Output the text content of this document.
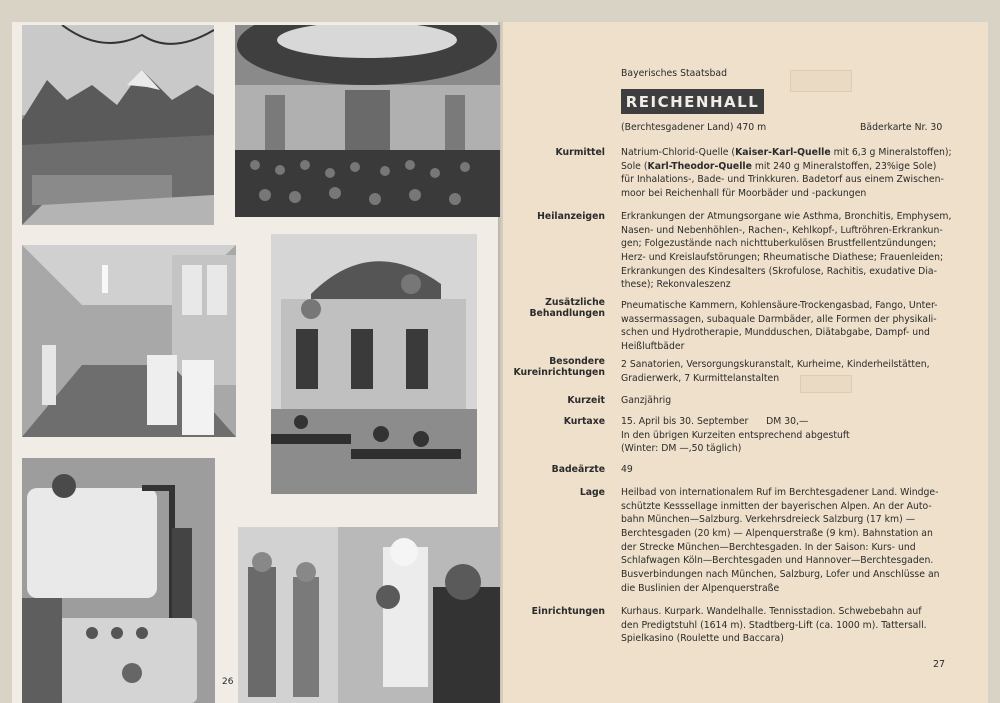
26
Bayerisches Staatsbad
REICHENHALL
(Berchtesgadener Land) 470 m	Bäderkarte Nr. 30
Kurmittel Natrium-Chlorid-Quelle (Kaiser-Karl-Quelle mit 6,3 g Mineralstoffen);
Sole (Karl-Theodor-Quelle mit 240 g Mineralstoffen, 23%ige Sole)
für Inhalations-, Bade- und Trinkkuren. Badetorf aus einem Zwischen-
moor bei Reichenhall für Moorbäder und -packungen
Heilanzeigen Erkrankungen der Atmungsorgane wie Asthma, Bronchitis, Emphysem,
Nasen- und Nebenhöhlen-, Rachen-, Kehlkopf-, Luftröhren-Erkrankun-
gen; Folgezustände nach nichttuberkulösen Brustfellentzündungen;
Herz- und Kreislaufstörungen; Rheumatische Diathese; Frauenleiden;
Erkrankungen des Kindesalters (Skrofulose, Rachitis, exudative Dia-
these); Rekonvaleszenz
Zusätzliche
Behandlungen
Pneumatische Kammern, Kohlensäure-Trockengasbad, Fango, Unter-
wassermassagen, subaquale Darmbäder, alle Formen der physikali-
schen und Hydrotherapie, Mundduschen, Diätabgabe, Dampf- und
Heißluftbäder
Besondere
Kureinrichtungen
2 Sanatorien, Versorgungskuranstalt, Kurheime, Kinderheilstätten,
Gradierwerk, 7 Kurmittelanstalten
Kurzeit Ganzjährig
Kurtaxe 15. April bis 30. September      DM 30,—
In den übrigen Kurzeiten entsprechend abgestuft
(Winter: DM —,50 täglich)
Badeärzte 49
Lage Heilbad von internationalem Ruf im Berchtesgadener Land. Windge-
schützte Kesssellage inmitten der bayerischen Alpen. An der Auto-
bahn München—Salzburg. Verkehrsdreieck Salzburg (17 km) —
Berchtesgaden (20 km) — Alpenquerstraße (9 km). Bahnstation an
der Strecke München—Berchtesgaden. In der Saison: Kurs- und
Schlafwagen Köln—Berchtesgaden und Hannover—Berchtesgaden.
Busverbindungen nach München, Salzburg, Lofer und Anschlüsse an
die Buslinien der Alpenquerstraße
Einrichtungen Kurhaus. Kurpark. Wandelhalle. Tennisstadion. Schwebebahn auf
den Predigtstuhl (1614 m). Stadtberg-Lift (ca. 1000 m). Tattersall.
Spielkasino (Roulette und Baccara)
27
